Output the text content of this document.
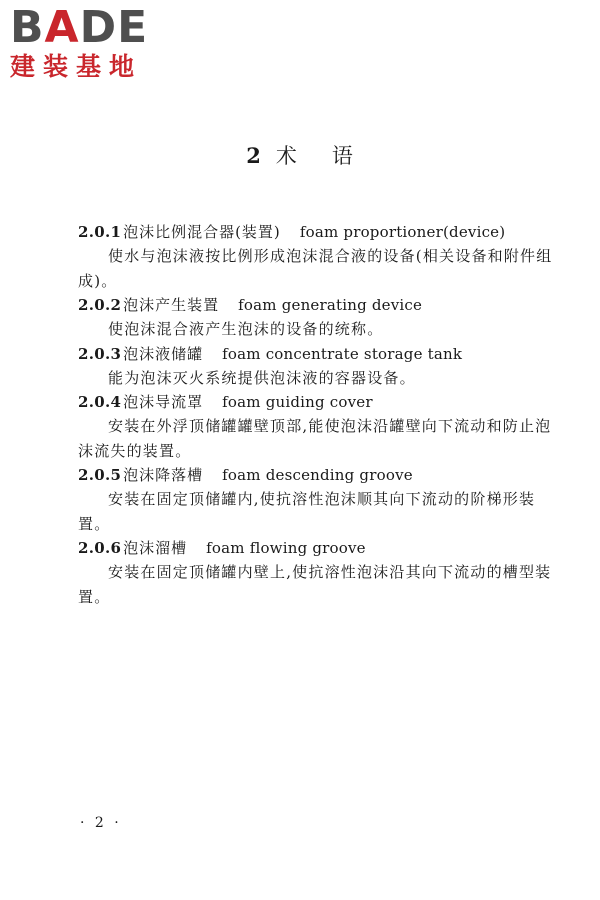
BADE
建装基地
2 术 语
2.0.1 泡沫比例混合器(装置) foam proportioner(device)

使水与泡沫液按比例形成泡沫混合液的设备(相关设备和附件组成)。

2.0.2 泡沫产生装置 foam generating device

使泡沫混合液产生泡沫的设备的统称。

2.0.3 泡沫液储罐 foam concentrate storage tank

能为泡沫灭火系统提供泡沫液的容器设备。

2.0.4 泡沫导流罩 foam guiding cover

安装在外浮顶储罐罐壁顶部,能使泡沫沿罐壁向下流动和防止泡沫流失的装置。

2.0.5 泡沫降落槽 foam descending groove

安装在固定顶储罐内,使抗溶性泡沫顺其向下流动的阶梯形装置。

2.0.6 泡沫溜槽 foam flowing groove

安装在固定顶储罐内壁上,使抗溶性泡沫沿其向下流动的槽型装置。

· 2 ·
